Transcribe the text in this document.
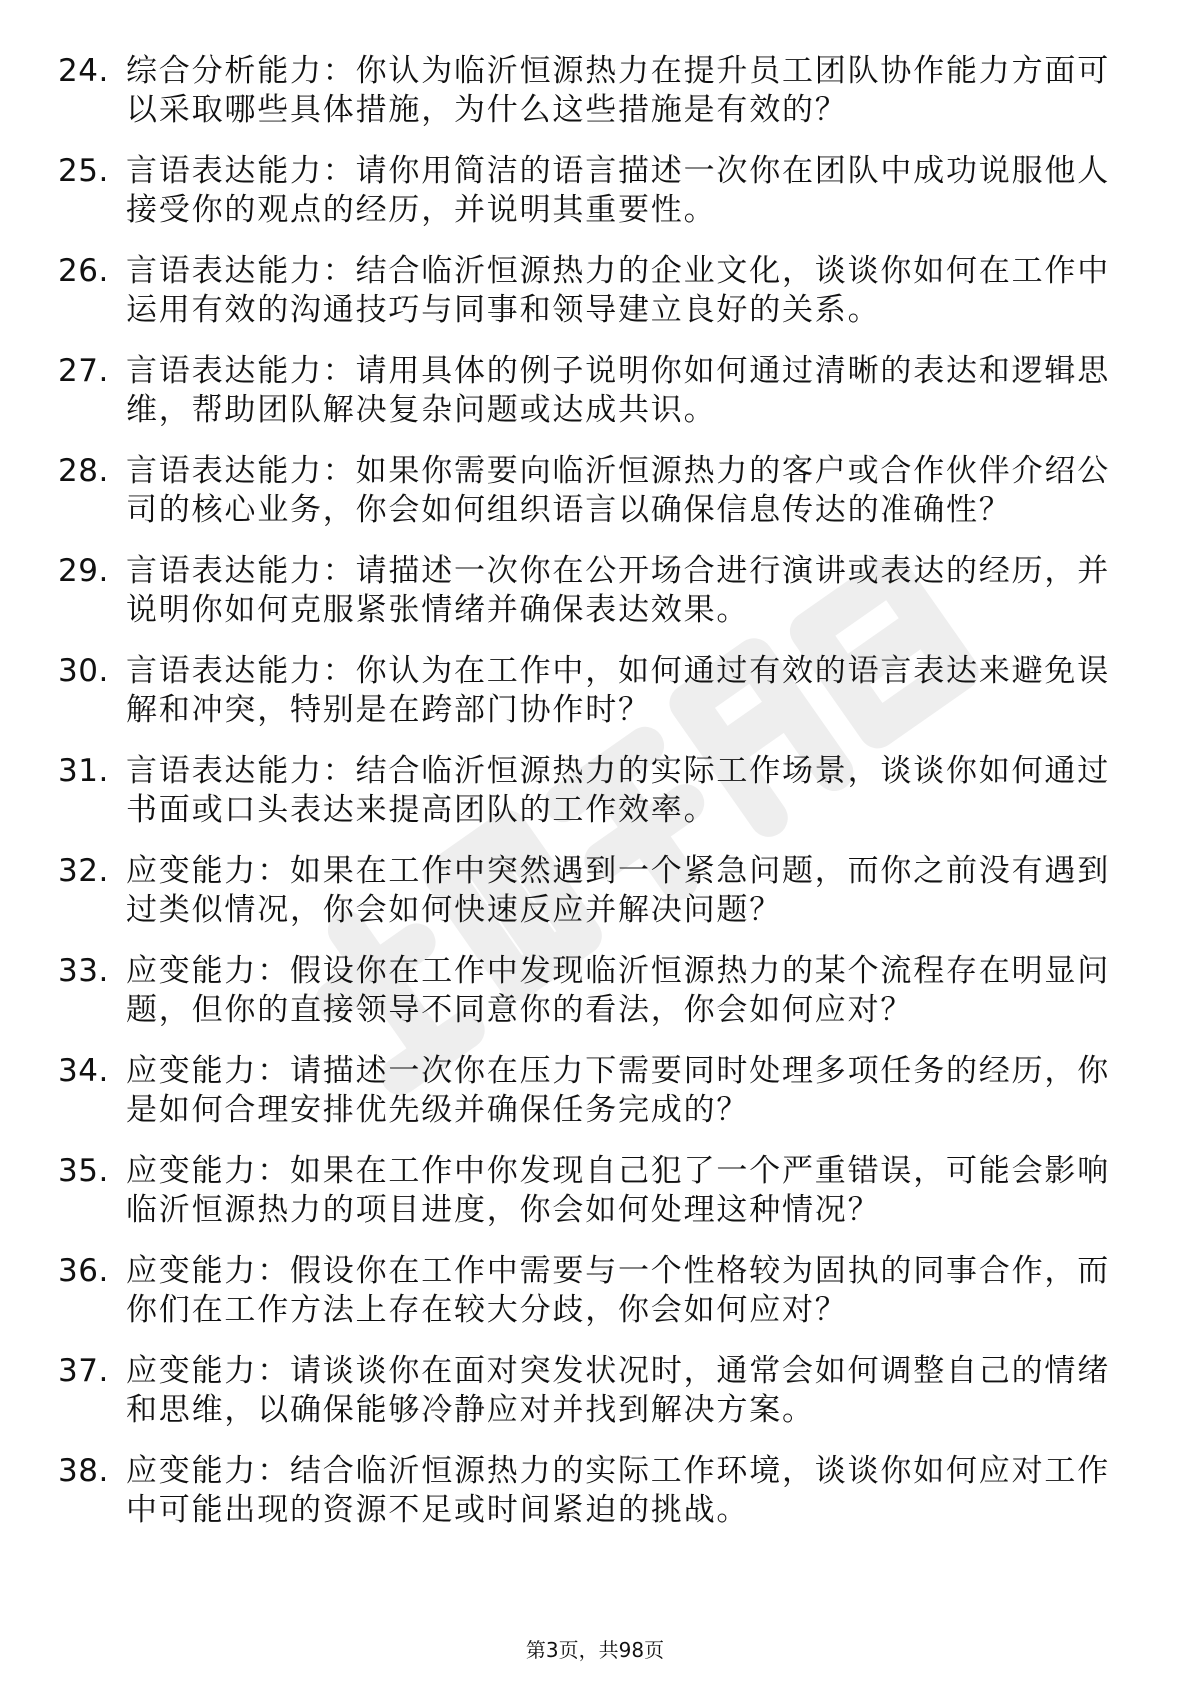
24. 综合分析能力：你认为临沂恒源热力在提升员工团队协作能力方面可以采取哪些具体措施，为什么这些措施是有效的？
25. 言语表达能力：请你用简洁的语言描述一次你在团队中成功说服他人接受你的观点的经历，并说明其重要性。
26. 言语表达能力：结合临沂恒源热力的企业文化，谈谈你如何在工作中运用有效的沟通技巧与同事和领导建立良好的关系。
27. 言语表达能力：请用具体的例子说明你如何通过清晰的表达和逻辑思维，帮助团队解决复杂问题或达成共识。
28. 言语表达能力：如果你需要向临沂恒源热力的客户或合作伙伴介绍公司的核心业务，你会如何组织语言以确保信息传达的准确性？
29. 言语表达能力：请描述一次你在公开场合进行演讲或表达的经历，并说明你如何克服紧张情绪并确保表达效果。
30. 言语表达能力：你认为在工作中，如何通过有效的语言表达来避免误解和冲突，特别是在跨部门协作时？
31. 言语表达能力：结合临沂恒源热力的实际工作场景，谈谈你如何通过书面或口头表达来提高团队的工作效率。
32. 应变能力：如果在工作中突然遇到一个紧急问题，而你之前没有遇到过类似情况，你会如何快速反应并解决问题？
33. 应变能力：假设你在工作中发现临沂恒源热力的某个流程存在明显问题，但你的直接领导不同意你的看法，你会如何应对？
34. 应变能力：请描述一次你在压力下需要同时处理多项任务的经历，你是如何合理安排优先级并确保任务完成的？
35. 应变能力：如果在工作中你发现自己犯了一个严重错误，可能会影响临沂恒源热力的项目进度，你会如何处理这种情况？
36. 应变能力：假设你在工作中需要与一个性格较为固执的同事合作，而你们在工作方法上存在较大分歧，你会如何应对？
37. 应变能力：请谈谈你在面对突发状况时，通常会如何调整自己的情绪和思维，以确保能够冷静应对并找到解决方案。
38. 应变能力：结合临沂恒源热力的实际工作环境，谈谈你如何应对工作中可能出现的资源不足或时间紧迫的挑战。
第3页，共98页
